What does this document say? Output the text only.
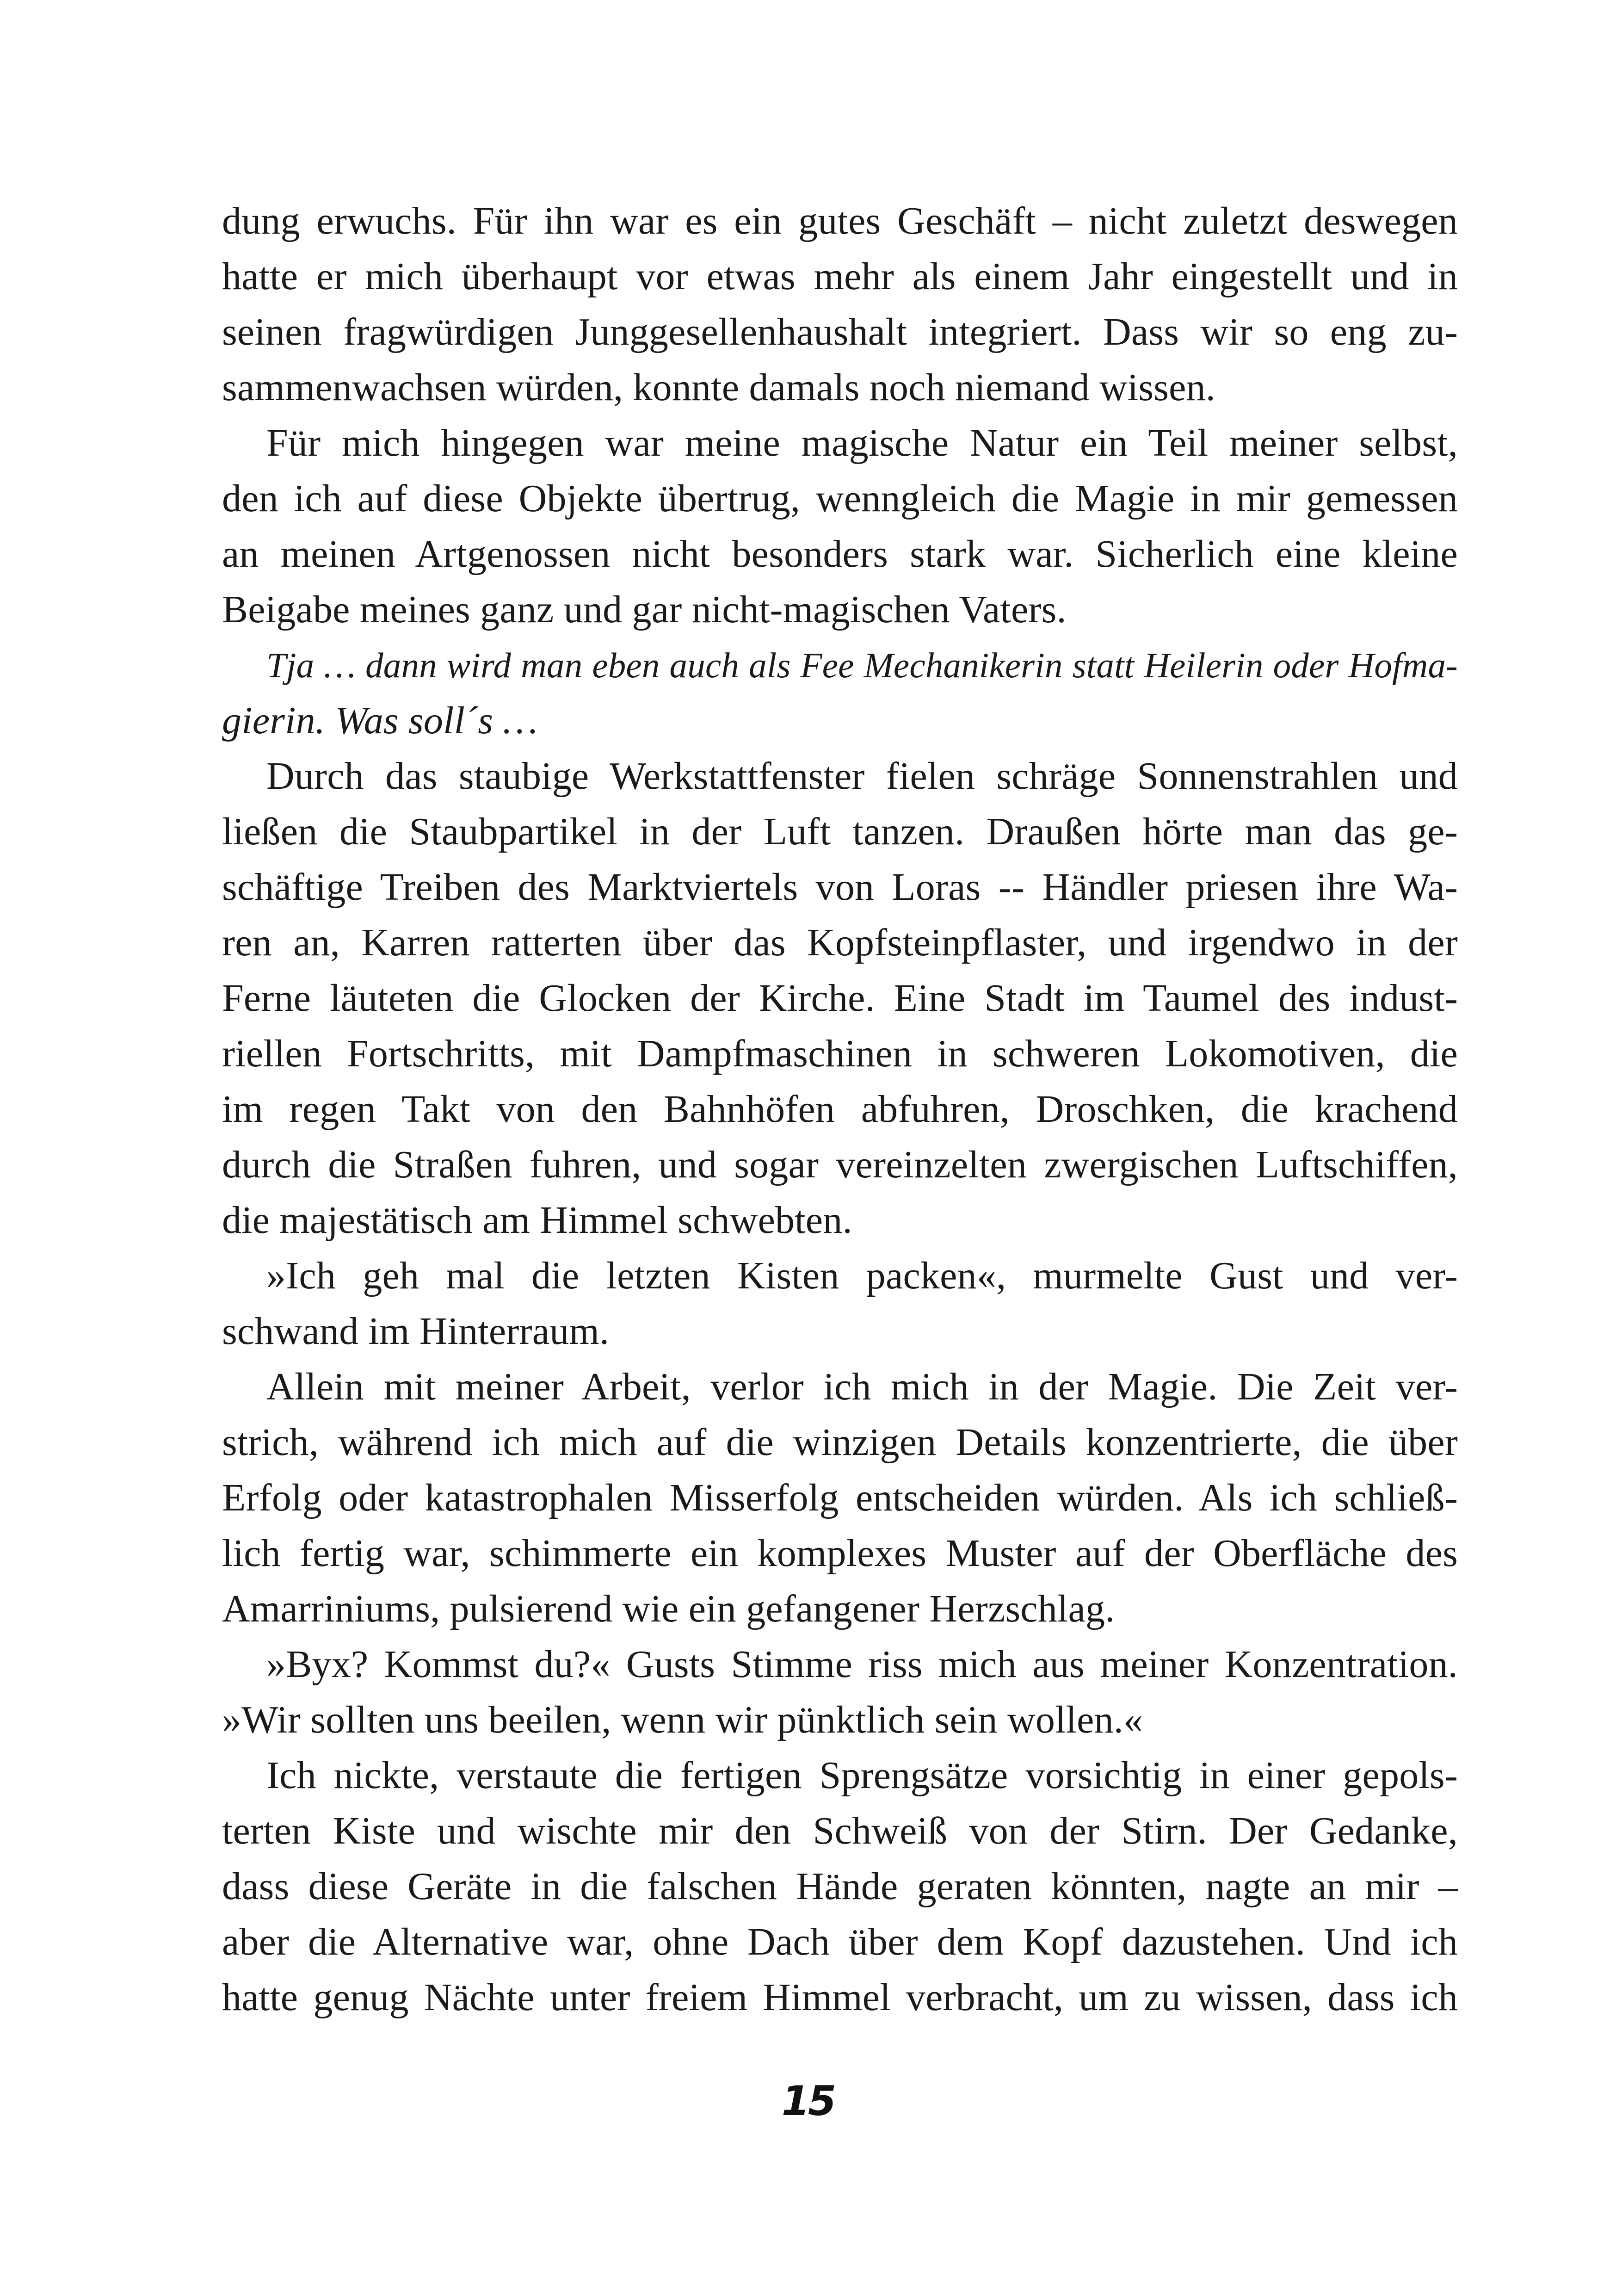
dung erwuchs. Für ihn war es ein gutes Geschäft – nicht zuletzt deswegen
hatte er mich überhaupt vor etwas mehr als einem Jahr eingestellt und in
seinen fragwürdigen Junggesellenhaushalt integriert. Dass wir so eng zu-
sammenwachsen würden, konnte damals noch niemand wissen.
Für mich hingegen war meine magische Natur ein Teil meiner selbst,
den ich auf diese Objekte übertrug, wenngleich die Magie in mir gemessen
an meinen Artgenossen nicht besonders stark war. Sicherlich eine kleine
Beigabe meines ganz und gar nicht-magischen Vaters.
Tja … dann wird man eben auch als Fee Mechanikerin statt Heilerin oder Hofma-
gierin. Was soll´s …
Durch das staubige Werkstattfenster fielen schräge Sonnenstrahlen und
ließen die Staubpartikel in der Luft tanzen. Draußen hörte man das ge-
schäftige Treiben des Marktviertels von Loras -- Händler priesen ihre Wa-
ren an, Karren ratterten über das Kopfsteinpflaster, und irgendwo in der
Ferne läuteten die Glocken der Kirche. Eine Stadt im Taumel des indust-
riellen Fortschritts, mit Dampfmaschinen in schweren Lokomotiven, die
im regen Takt von den Bahnhöfen abfuhren, Droschken, die krachend
durch die Straßen fuhren, und sogar vereinzelten zwergischen Luftschiffen,
die majestätisch am Himmel schwebten.
»Ich geh mal die letzten Kisten packen«, murmelte Gust und ver-
schwand im Hinterraum.
Allein mit meiner Arbeit, verlor ich mich in der Magie. Die Zeit ver-
strich, während ich mich auf die winzigen Details konzentrierte, die über
Erfolg oder katastrophalen Misserfolg entscheiden würden. Als ich schließ-
lich fertig war, schimmerte ein komplexes Muster auf der Oberfläche des
Amarriniums, pulsierend wie ein gefangener Herzschlag.
»Byx? Kommst du?« Gusts Stimme riss mich aus meiner Konzentration.
»Wir sollten uns beeilen, wenn wir pünktlich sein wollen.«
Ich nickte, verstaute die fertigen Sprengsätze vorsichtig in einer gepols-
terten Kiste und wischte mir den Schweiß von der Stirn. Der Gedanke,
dass diese Geräte in die falschen Hände geraten könnten, nagte an mir –
aber die Alternative war, ohne Dach über dem Kopf dazustehen. Und ich
hatte genug Nächte unter freiem Himmel verbracht, um zu wissen, dass ich
15
